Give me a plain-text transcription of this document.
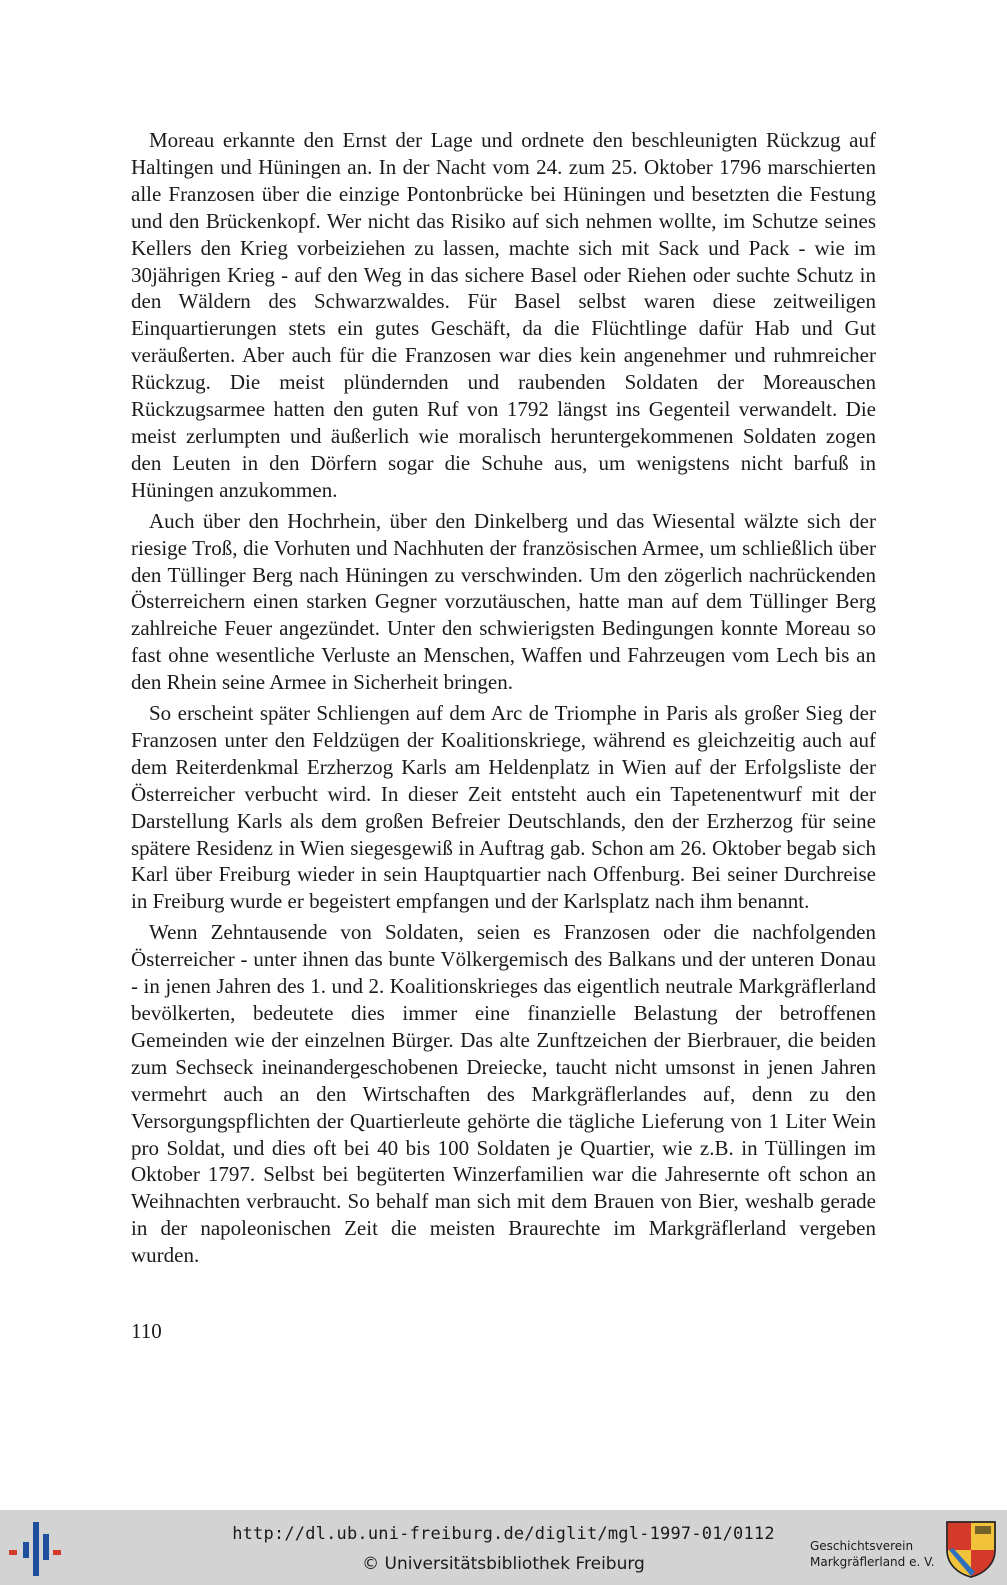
Moreau erkannte den Ernst der Lage und ordnete den beschleunigten Rückzug auf Haltingen und Hüningen an. In der Nacht vom 24. zum 25. Oktober 1796 marschierten alle Franzosen über die einzige Pontonbrücke bei Hüningen und besetzten die Festung und den Brückenkopf. Wer nicht das Risiko auf sich nehmen wollte, im Schutze seines Kellers den Krieg vorbeiziehen zu lassen, machte sich mit Sack und Pack - wie im 30jährigen Krieg - auf den Weg in das sichere Basel oder Riehen oder suchte Schutz in den Wäldern des Schwarzwaldes. Für Basel selbst waren diese zeitweiligen Einquartierungen stets ein gutes Geschäft, da die Flüchtlinge dafür Hab und Gut veräußerten. Aber auch für die Franzosen war dies kein angenehmer und ruhmreicher Rückzug. Die meist plündernden und raubenden Soldaten der Moreauschen Rückzugsarmee hatten den guten Ruf von 1792 längst ins Gegenteil verwandelt. Die meist zerlumpten und äußerlich wie moralisch heruntergekommenen Soldaten zogen den Leuten in den Dörfern sogar die Schuhe aus, um wenigstens nicht barfuß in Hüningen anzukommen.

Auch über den Hochrhein, über den Dinkelberg und das Wiesental wälzte sich der riesige Troß, die Vorhuten und Nachhuten der französischen Armee, um schließlich über den Tüllinger Berg nach Hüningen zu verschwinden. Um den zögerlich nachrückenden Österreichern einen starken Gegner vorzutäuschen, hatte man auf dem Tüllinger Berg zahlreiche Feuer angezündet. Unter den schwierigsten Bedingungen konnte Moreau so fast ohne wesentliche Verluste an Menschen, Waffen und Fahrzeugen vom Lech bis an den Rhein seine Armee in Sicherheit bringen.

So erscheint später Schliengen auf dem Arc de Triomphe in Paris als großer Sieg der Franzosen unter den Feldzügen der Koalitionskriege, während es gleichzeitig auch auf dem Reiterdenkmal Erzherzog Karls am Heldenplatz in Wien auf der Erfolgsliste der Österreicher verbucht wird. In dieser Zeit entsteht auch ein Tapetenentwurf mit der Darstellung Karls als dem großen Befreier Deutschlands, den der Erzherzog für seine spätere Residenz in Wien siegesgewiß in Auftrag gab. Schon am 26. Oktober begab sich Karl über Freiburg wieder in sein Hauptquartier nach Offenburg. Bei seiner Durchreise in Freiburg wurde er begeistert empfangen und der Karlsplatz nach ihm benannt.

Wenn Zehntausende von Soldaten, seien es Franzosen oder die nachfolgenden Österreicher - unter ihnen das bunte Völkergemisch des Balkans und der unteren Donau - in jenen Jahren des 1. und 2. Koalitionskrieges das eigentlich neutrale Markgräflerland bevölkerten, bedeutete dies immer eine finanzielle Belastung der betroffenen Gemeinden wie der einzelnen Bürger. Das alte Zunftzeichen der Bierbrauer, die beiden zum Sechseck ineinandergeschobenen Dreiecke, taucht nicht umsonst in jenen Jahren vermehrt auch an den Wirtschaften des Markgräflerlandes auf, denn zu den Versorgungspflichten der Quartierleute gehörte die tägliche Lieferung von 1 Liter Wein pro Soldat, und dies oft bei 40 bis 100 Soldaten je Quartier, wie z.B. in Tüllingen im Oktober 1797. Selbst bei begüterten Winzerfamilien war die Jahresernte oft schon an Weihnachten verbraucht. So behalf man sich mit dem Brauen von Bier, weshalb gerade in der napoleonischen Zeit die meisten Braurechte im Markgräflerland vergeben wurden.

110
http://dl.ub.uni-freiburg.de/diglit/mgl-1997-01/0112
© Universitätsbibliothek Freiburg
Geschichtsverein
Markgräflerland e. V.
